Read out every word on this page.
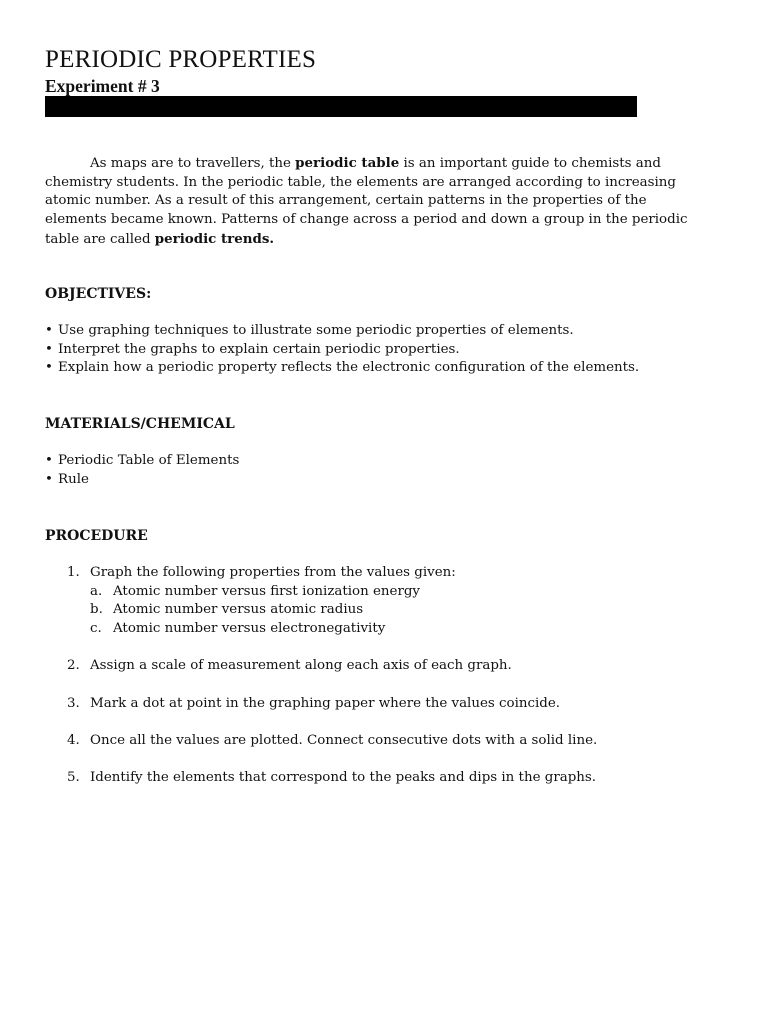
PERIODIC PROPERTIES
Experiment # 3

As maps are to travellers, the periodic table is an important guide to chemists and chemistry students. In the periodic table, the elements are arranged according to increasing atomic number. As a result of this arrangement, certain patterns in the properties of the elements became known. Patterns of change across a period and down a group in the periodic table are called periodic trends.

OBJECTIVES:
• Use graphing techniques to illustrate some periodic properties of elements.
• Interpret the graphs to explain certain periodic properties.
• Explain how a periodic property reflects the electronic configuration of the elements.
MATERIALS/CHEMICAL
• Periodic Table of Elements
• Rule
PROCEDURE
1. Graph the following properties from the values given:
a. Atomic number versus first ionization energy
b. Atomic number versus atomic radius
c. Atomic number versus electronegativity
2. Assign a scale of measurement along each axis of each graph.
3. Mark a dot at point in the graphing paper where the values coincide.
4. Once all the values are plotted. Connect consecutive dots with a solid line.
5. Identify the elements that correspond to the peaks and dips in the graphs.
